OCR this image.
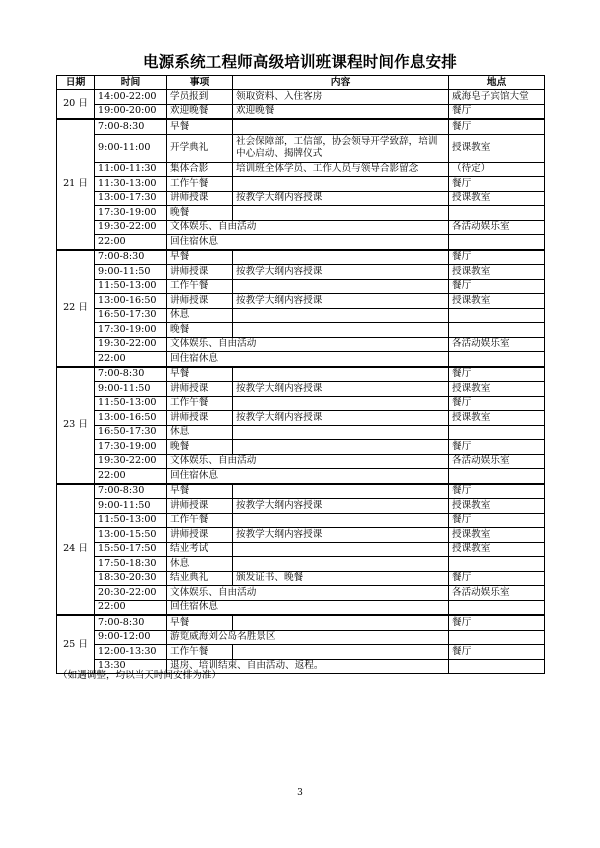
电源系统工程师高级培训班课程时间作息安排
日期	时间	事项	内容	地点
20 日	14:00-22:00	学员报到	领取资料、入住客房	威海皂子宾馆大堂
	19:00-20:00	欢迎晚餐	欢迎晚餐	餐厅
21 日	7:00-8:30	早餐		餐厅
	9:00-11:00	开学典礼	社会保障部，工信部，协会领导开学致辞，培训中心启动、揭牌仪式	授课教室
	11:00-11:30	集体合影	培训班全体学员、工作人员与领导合影留念	（待定）
	11:30-13:00	工作午餐		餐厅
	13:00-17:30	讲师授课	按教学大纲内容授课	授课教室
	17:30-19:00	晚餐		
	19:30-22:00	文体娱乐、自由活动		各活动娱乐室
	22:00	回住宿休息		
22 日	7:00-8:30	早餐		餐厅
	9:00-11:50	讲师授课	按教学大纲内容授课	授课教室
	11:50-13:00	工作午餐		餐厅
	13:00-16:50	讲师授课	按教学大纲内容授课	授课教室
	16:50-17:30	休息		
	17:30-19:00	晚餐		
	19:30-22:00	文体娱乐、自由活动		各活动娱乐室
	22:00	回住宿休息		
23 日	7:00-8:30	早餐		餐厅
	9:00-11:50	讲师授课	按教学大纲内容授课	授课教室
	11:50-13:00	工作午餐		餐厅
	13:00-16:50	讲师授课	按教学大纲内容授课	授课教室
	16:50-17:30	休息		
	17:30-19:00	晚餐		餐厅
	19:30-22:00	文体娱乐、自由活动		各活动娱乐室
	22:00	回住宿休息		
24 日	7:00-8:30	早餐		餐厅
	9:00-11:50	讲师授课	按教学大纲内容授课	授课教室
	11:50-13:00	工作午餐		餐厅
	13:00-15:50	讲师授课	按教学大纲内容授课	授课教室
	15:50-17:50	结业考试		授课教室
	17:50-18:30	休息		
	18:30-20:30	结业典礼	颁发证书、晚餐	餐厅
	20:30-22:00	文体娱乐、自由活动		各活动娱乐室
	22:00	回住宿休息		
25 日	7:00-8:30	早餐		餐厅
	9:00-12:00	游览威海刘公岛名胜景区		
	12:00-13:30	工作午餐		餐厅
	13:30	退房、培训结束、自由活动、返程。		
（如遇调整，均以当天时间安排为准）
3
